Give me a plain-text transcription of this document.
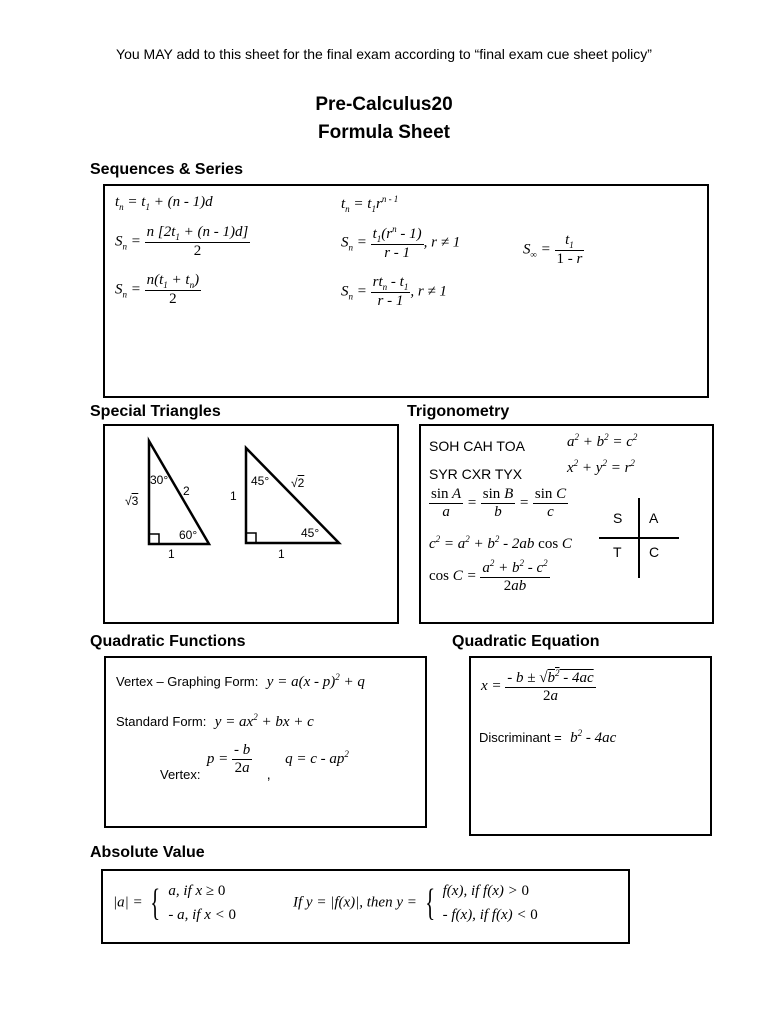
You MAY add to this sheet for the final exam according to “final exam cue sheet policy”
Pre-Calculus20
Formula Sheet
Sequences & Series
$t_n = t_1 + (n - 1)d$	$t_n = t_1r^{n - 1}$
$S_n = \frac{n [2t_1 + (n - 1)d]}{2}$	$S_n = \frac{t_1(r^n - 1)}{r - 1}$ , r ≠ 1	$S_\infty = \frac{t_1}{1 - r}$
$S_n = \frac{n(t_1 + t_n)}{2}$	$S_n = \frac{rt_n - t_1}{r - 1}$ , r ≠ 1
Special Triangles
30°
2
60°
1
√3
45° √2
1
45°
1
Trigonometry
SOH CAH TOA	$a^2 + b^2 = c^2$
SYR CXR TYX	$x^2 + y^2 = r^2$
$\frac{\text{sin A}}{a} = \frac{\text{sin B}}{b} = \frac{\text{sin C}}{c}$
$c^2 = a^2 + b^2 - 2ab$ cos C
$\cos C = \frac{a^2 + b^2 - c^2}{2ab}$
S A
T C
Quadratic Functions
Vertex – Graphing Form: y = a(x - p)$^2$ + q
Standard Form: $y = ax^2$ + bx + c
$_{Vertex:}$ $p = \frac{- b}{2a}$ , $q = c - ap^2$
Quadratic Equation
$x = \frac{- b \pm √b^2 - 4ac}{2a}$
Discriminant = $b^2 - 4ac$
Absolute Value
|a| = { a, if x ≥ 0
- a, if x < 0
If y = |f(x)|, then y = { f(x), if f(x) > 0
- f(x), if f(x) < 0
